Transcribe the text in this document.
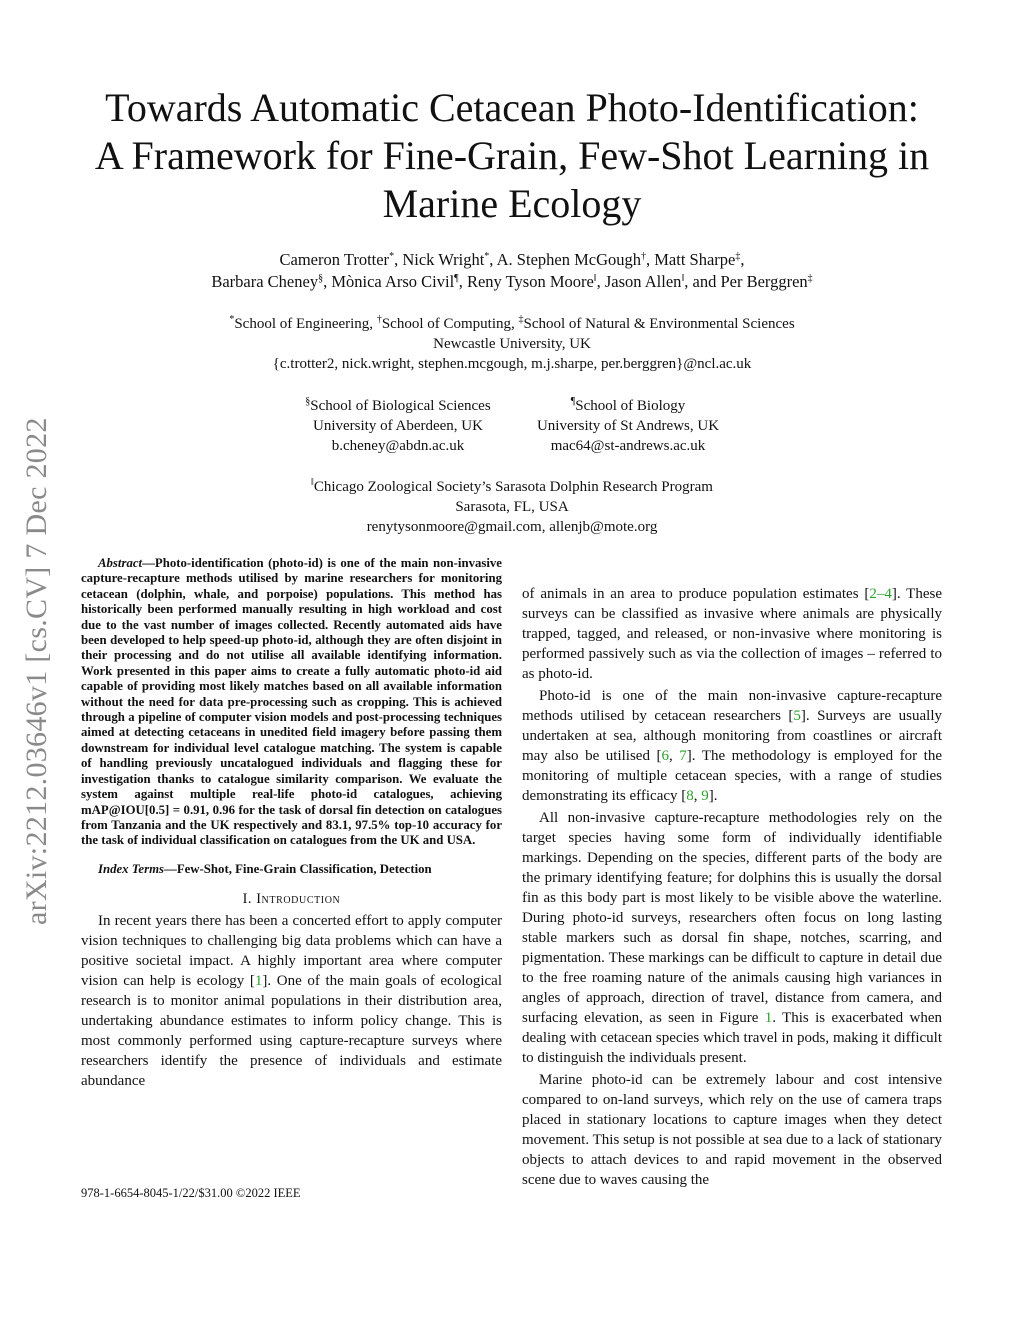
arXiv:2212.03646v1 [cs.CV] 7 Dec 2022
Towards Automatic Cetacean Photo-Identification:
A Framework for Fine-Grain, Few-Shot Learning in
Marine Ecology
Cameron Trotter*, Nick Wright*, A. Stephen McGough†, Matt Sharpe‡,
Barbara Cheney§, Mònica Arso Civil¶, Reny Tyson Moore‖, Jason Allen‖, and Per Berggren‡
*School of Engineering, †School of Computing, ‡School of Natural & Environmental Sciences
Newcastle University, UK
{c.trotter2, nick.wright, stephen.mcgough, m.j.sharpe, per.berggren}@ncl.ac.uk
§School of Biological Sciences
University of Aberdeen, UK
b.cheney@abdn.ac.uk
¶School of Biology
University of St Andrews, UK
mac64@st-andrews.ac.uk
‖Chicago Zoological Society’s Sarasota Dolphin Research Program
Sarasota, FL, USA
renytysonmoore@gmail.com, allenjb@mote.org

Abstract—Photo-identification (photo-id) is one of the main non-invasive capture-recapture methods utilised by marine researchers for monitoring cetacean (dolphin, whale, and porpoise) populations. This method has historically been performed manually resulting in high workload and cost due to the vast number of images collected. Recently automated aids have been developed to help speed-up photo-id, although they are often disjoint in their processing and do not utilise all available identifying information. Work presented in this paper aims to create a fully automatic photo-id aid capable of providing most likely matches based on all available information without the need for data pre-processing such as cropping. This is achieved through a pipeline of computer vision models and post-processing techniques aimed at detecting cetaceans in unedited field imagery before passing them downstream for individual level catalogue matching. The system is capable of handling previously uncatalogued individuals and flagging these for investigation thanks to catalogue similarity comparison. We evaluate the system against multiple real-life photo-id catalogues, achieving mAP@IOU[0.5] = 0.91, 0.96 for the task of dorsal fin detection on catalogues from Tanzania and the UK respectively and 83.1, 97.5% top-10 accuracy for the task of individual classification on catalogues from the UK and USA.

Index Terms—Few-Shot, Fine-Grain Classification, Detection

I. Introduction

In recent years there has been a concerted effort to apply computer vision techniques to challenging big data problems which can have a positive societal impact. A highly important area where computer vision can help is ecology [1]. One of the main goals of ecological research is to monitor animal populations in their distribution area, undertaking abundance estimates to inform policy change. This is most commonly performed using capture-recapture surveys where researchers identify the presence of individuals and estimate abundance

of animals in an area to produce population estimates [2–4]. These surveys can be classified as invasive where animals are physically trapped, tagged, and released, or non-invasive where monitoring is performed passively such as via the collection of images – referred to as photo-id.

Photo-id is one of the main non-invasive capture-recapture methods utilised by cetacean researchers [5]. Surveys are usually undertaken at sea, although monitoring from coastlines or aircraft may also be utilised [6, 7]. The methodology is employed for the monitoring of multiple cetacean species, with a range of studies demonstrating its efficacy [8, 9].

All non-invasive capture-recapture methodologies rely on the target species having some form of individually identifiable markings. Depending on the species, different parts of the body are the primary identifying feature; for dolphins this is usually the dorsal fin as this body part is most likely to be visible above the waterline. During photo-id surveys, researchers often focus on long lasting stable markers such as dorsal fin shape, notches, scarring, and pigmentation. These markings can be difficult to capture in detail due to the free roaming nature of the animals causing high variances in angles of approach, direction of travel, distance from camera, and surfacing elevation, as seen in Figure 1. This is exacerbated when dealing with cetacean species which travel in pods, making it difficult to distinguish the individuals present.

Marine photo-id can be extremely labour and cost intensive compared to on-land surveys, which rely on the use of camera traps placed in stationary locations to capture images when they detect movement. This setup is not possible at sea due to a lack of stationary objects to attach devices to and rapid movement in the observed scene due to waves causing the

978-1-6654-8045-1/22/$31.00 ©2022 IEEE
